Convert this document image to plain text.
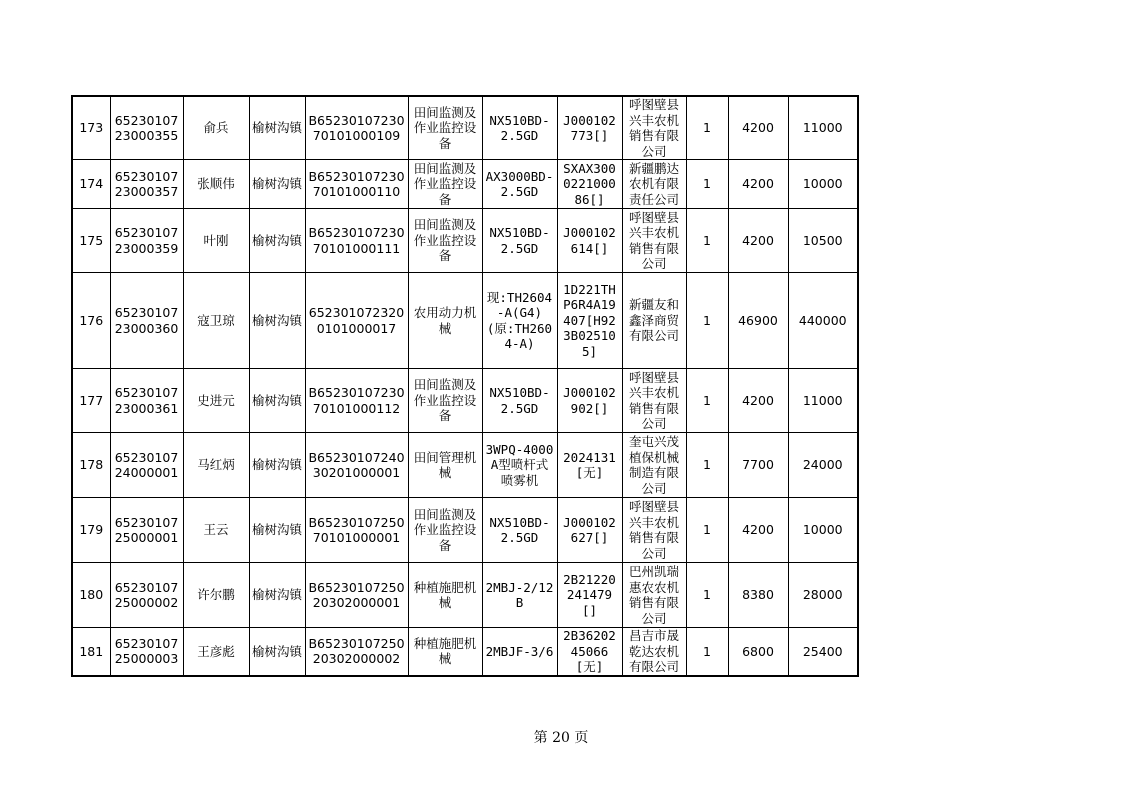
173	6523010723000355	俞兵	榆树沟镇	B6523010723070101000109	田间监测及作业监控设备	NX510BD-2.5GD	J000102773[]	呼图壁县兴丰农机销售有限公司	1	4200	11000
174	6523010723000357	张顺伟	榆树沟镇	B6523010723070101000110	田间监测及作业监控设备	AX3000BD-2.5GD	SXAX300022100086[]	新疆鹏达农机有限责任公司	1	4200	10000
175	6523010723000359	叶刚	榆树沟镇	B6523010723070101000111	田间监测及作业监控设备	NX510BD-2.5GD	J000102614[]	呼图壁县兴丰农机销售有限公司	1	4200	10500
176	6523010723000360	寇卫琼	榆树沟镇	6523010723200101000017	农用动力机械	现:TH2604-A(G4)(原:TH2604-A)	1D221THP6R4A19407[H923B025105]	新疆友和鑫泽商贸有限公司	1	46900	440000
177	6523010723000361	史进元	榆树沟镇	B6523010723070101000112	田间监测及作业监控设备	NX510BD-2.5GD	J000102902[]	呼图壁县兴丰农机销售有限公司	1	4200	11000
178	6523010724000001	马红炳	榆树沟镇	B6523010724030201000001	田间管理机械	3WPQ-4000A型喷杆式喷雾机	2024131[无]	奎屯兴茂植保机械制造有限公司	1	7700	24000
179	6523010725000001	王云	榆树沟镇	B6523010725070101000001	田间监测及作业监控设备	NX510BD-2.5GD	J000102627[]	呼图壁县兴丰农机销售有限公司	1	4200	10000
180	6523010725000002	许尔鹏	榆树沟镇	B6523010725020302000001	种植施肥机械	2MBJ-2/12B	2B21220241479[]	巴州凯瑞惠农农机销售有限公司	1	8380	28000
181	6523010725000003	王彦彪	榆树沟镇	B6523010725020302000002	种植施肥机械	2MBJF-3/6	2B3620245066[无]	昌吉市晟乾达农机有限公司	1	6800	25400
第 20 页
